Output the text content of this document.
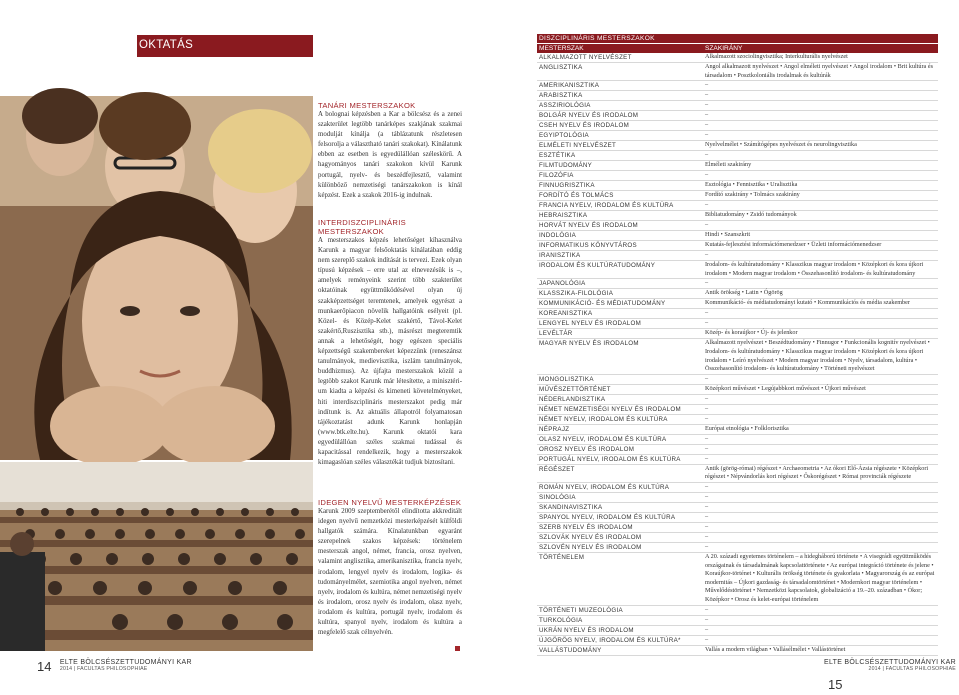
OKTATÁS

TANÁRI MESTERSZAKOK

A bolognai képzésben a Kar a bölcsész és a zenei szakterület legtöbb tanárképes szakjának szakmai modulját kínálja (a táblázatunk részletesen felsorolja a választható tanári szakokat). Kínálatunk ebben az esetben is egyedülállóan széleskörű. A hagyományos tanári szakokon kívül Karunk portugál, nyelv- és beszédfejlesztő, valamint különböző nemzetiségi tanárszakokon is kínál képzést. Ezek a szakok 2016-ig indulnak.

INTERDISZCIPLINÁRIS MESTERSZAKOK

A mesterszakos képzés lehetőséget kíhasználva Karunk a magyar felsőoktatás kínálatában eddig nem szereplő szakok indítását is tervezi. Ezek olyan típusú képzések – erre utal az elnevezésük is –, amelyek reményeink szerint több szakterület oktatóinak együttműködésével olyan új szakképzettséget teremtenek, amelyek egyrészt a munkaerőpiacon növelik hallgatóink esélyeit (pl. Közel- és Közép-Kelet szakértő, Távol-Kelet szakértő,Ruszisztika stb.), másrészt megteremtik annak a lehetőségét, hogy egészen speciális képzettségű szakembereket képezzünk (reneszánsz tanulmányok, medievisztika, iszlám tanulmányok, buddhizmus). Az újfajta mesterszakok közül a legtöbb szakot Karunk már létesítette, a minisztérium kiadta a képzési és kimeneti követelményeket, hiti interdiszciplináris mesterszakot pedig már indítunk is. Az aktuális állapotról folyamatosan tájékoztatást adunk Karunk honlapján (www.btk.elte.hu). Karunk oktatói kara egyedülállóan széles szakmai tudással és kapacitással rendelkezik, hogy a mesterszakok kimagaslóan széles választékát tudjuk biztosítani.

IDEGEN NYELVŰ MESTERKÉPZÉSEK

Karunk 2009 szeptemberétől elindította akkreditált idegen nyelvű nemzetközi mesterképzését külföldi hallgatók számára. Kínalatunkban egyaránt szerepelnek szakos képzések: történelem mesterszak angol, német, francia, orosz nyelven, valamint anglisztika, amerikanisztika, francia nyelv, irodalom, lengyel nyelv és irodalom, logika- és tudományelmélet, szemiotika angol nyelven, német nyelv, irodalom és kultúra, német nemzetiségi nyelv és irodalom, orosz nyelv és irodalom, olasz nyelv, irodalom és kultúra, portugál nyelv, irodalom és kultúra, spanyol nyelv, irodalom és kultúra a megfelelő szak célnyelvén.

$^{14}$ ELTE BÖLCSÉSZETTUDOMÁNYI KAR
2014 | FACULTAS PHILOSOPHIAE
DISZCIPLINÁRIS MESTERSZAKOK
MESTERSZAK	SZAKIRÁNY
ALKALMAZOTT NYELVÉSZET	Alkalmazott szociolingvisztika; Interkulturális nyelvészet
ANGLISZTIKA	Angol alkalmazott nyelvészet • Angol elméleti nyelvészet • Angol irodalom • Brit kultúra és társadalom • Posztkoloniális irodalmak és kultúrák
AMERIKANISZTIKA	–
ARABISZTIKA	–
ASSZIRIOLÓGIA	–
BOLGÁR NYELV ÉS IRODALOM	–
CSEH NYELV ÉS IRODALOM	–
EGYIPTOLÓGIA	–
ELMÉLETI NYELVÉSZET	Nyelvelmélet • Számítógépes nyelvészet és neurolingvisztika
ESZTÉTIKA	–
FILMTUDOMÁNY	Elméleti szakirány
FILOZÓFIA	–
FINNUGRISZTIKA	Esztológia • Fennisztika • Uralisztika
FORDÍTÓ ÉS TOLMÁCS	Fordító szakirány • Tolmács szakirány
FRANCIA NYELV, IRODALOM ÉS KULTÚRA	–
HEBRAISZTIKA	Bibliatudomány • Zsidó tudományok
HORVÁT NYELV ÉS IRODALOM	–
INDOLÓGIA	Hindi • Szanszkrit
INFORMATIKUS KÖNYVTÁROS	Kutatás-fejlesztési információmenedzser • Üzleti információmenedzser
IRANISZTIKA	–
IRODALOM ÉS KULTÚRATUDOMÁNY	Irodalom- és kultúratudomány • Klasszikus magyar irodalom • Középkori és kora újkori irodalom • Modern magyar irodalom • Összehasonlító irodalom- és kultúratudomány
JAPANOLÓGIA	–
KLASSZIKA-FILOLÓGIA	Antik örökség • Latin • Ógörög
KOMMUNIKÁCIÓ- ÉS MÉDIATUDOMÁNY	Kommunikáció- és médiatudományi kutató • Kommunikációs és média szakember
KOREANISZTIKA	–
LENGYEL NYELV ÉS IRODALOM	–
LEVÉLTÁR	Közép- és koraújkor • Új- és jelenkor
MAGYAR NYELV ÉS IRODALOM	Alkalmazott nyelvészet • Beszédtudomány • Finnugor • Funkcionális kognitív nyelvészet • Irodalom- és kultúratudomány • Klasszikus magyar irodalom • Középkori és kora újkori irodalom • Leíró nyelvészet • Modern magyar irodalom • Nyelv, társadalom, kultúra • Összehasonlító irodalom- és kultúratudomány • Történeti nyelvészet
MONGOLISZTIKA	–
MŰVÉSZETTÖRTÉNET	Középkori művészet • Legújabbkori művészet • Újkori művészet
NÉDERLANDISZTIKA	–
NÉMET NEMZETISÉGI NYELV ÉS IRODALOM	–
NÉMET NYELV, IRODALOM ÉS KULTÚRA	–
NÉPRAJZ	Európai etnológia • Folklorisztika
OLASZ NYELV, IRODALOM ÉS KULTÚRA	–
OROSZ NYELV ÉS IRODALOM	–
PORTUGÁL NYELV, IRODALOM ÉS KULTÚRA	–
RÉGÉSZET	Antik (görög-római) régészet • Archaeometria • Az ókori Elő-Ázsia régészete • Középkori régészet • Népvándorlás kori régészet • Őskorégészet • Római provinciák régészete
ROMÁN NYELV, IRODALOM ÉS KULTÚRA	–
SINOLÓGIA	–
SKANDINAVISZTIKA	–
SPANYOL NYELV, IRODALOM ÉS KULTÚRA	–
SZERB NYELV ÉS IRODALOM	–
SZLOVÁK NYELV ÉS IRODALOM	–
SZLOVÉN NYELV ÉS IRODALOM	–
TÖRTÉNELEM	A 20. századi egyetemes történelem – a hidegháború története • A visegrádi együttműködés országainak és társadalmának kapcsolattörténete • Az európai integráció története és jelene • Koraújkor-történet • Kulturális örökség története és gyakorlata • Magyarország és az európai modernitás – Újkori gazdaság- és társadalomtörténet • Modernkori magyar történelem • Művelődéstörténet • Nemzetközi kapcsolatok, globalizáció a 19.–20. században • Ókor; Középkor • Orosz és kelet-európai történelem
TÖRTÉNETI MUZEOLÓGIA	–
TURKOLÓGIA	–
UKRÁN NYELV ÉS IRODALOM	–
ÚJGÖRÖG NYELV, IRODALOM ÉS KULTÚRA*	–
VALLÁSTUDOMÁNY	Vallás a modern világban • Vallásélmélet • Vallástörténet
ELTE BÖLCSÉSZETTUDOMÁNYI KAR
2014 | FACULTAS PHILOSOPHIAE
$^{15}$
